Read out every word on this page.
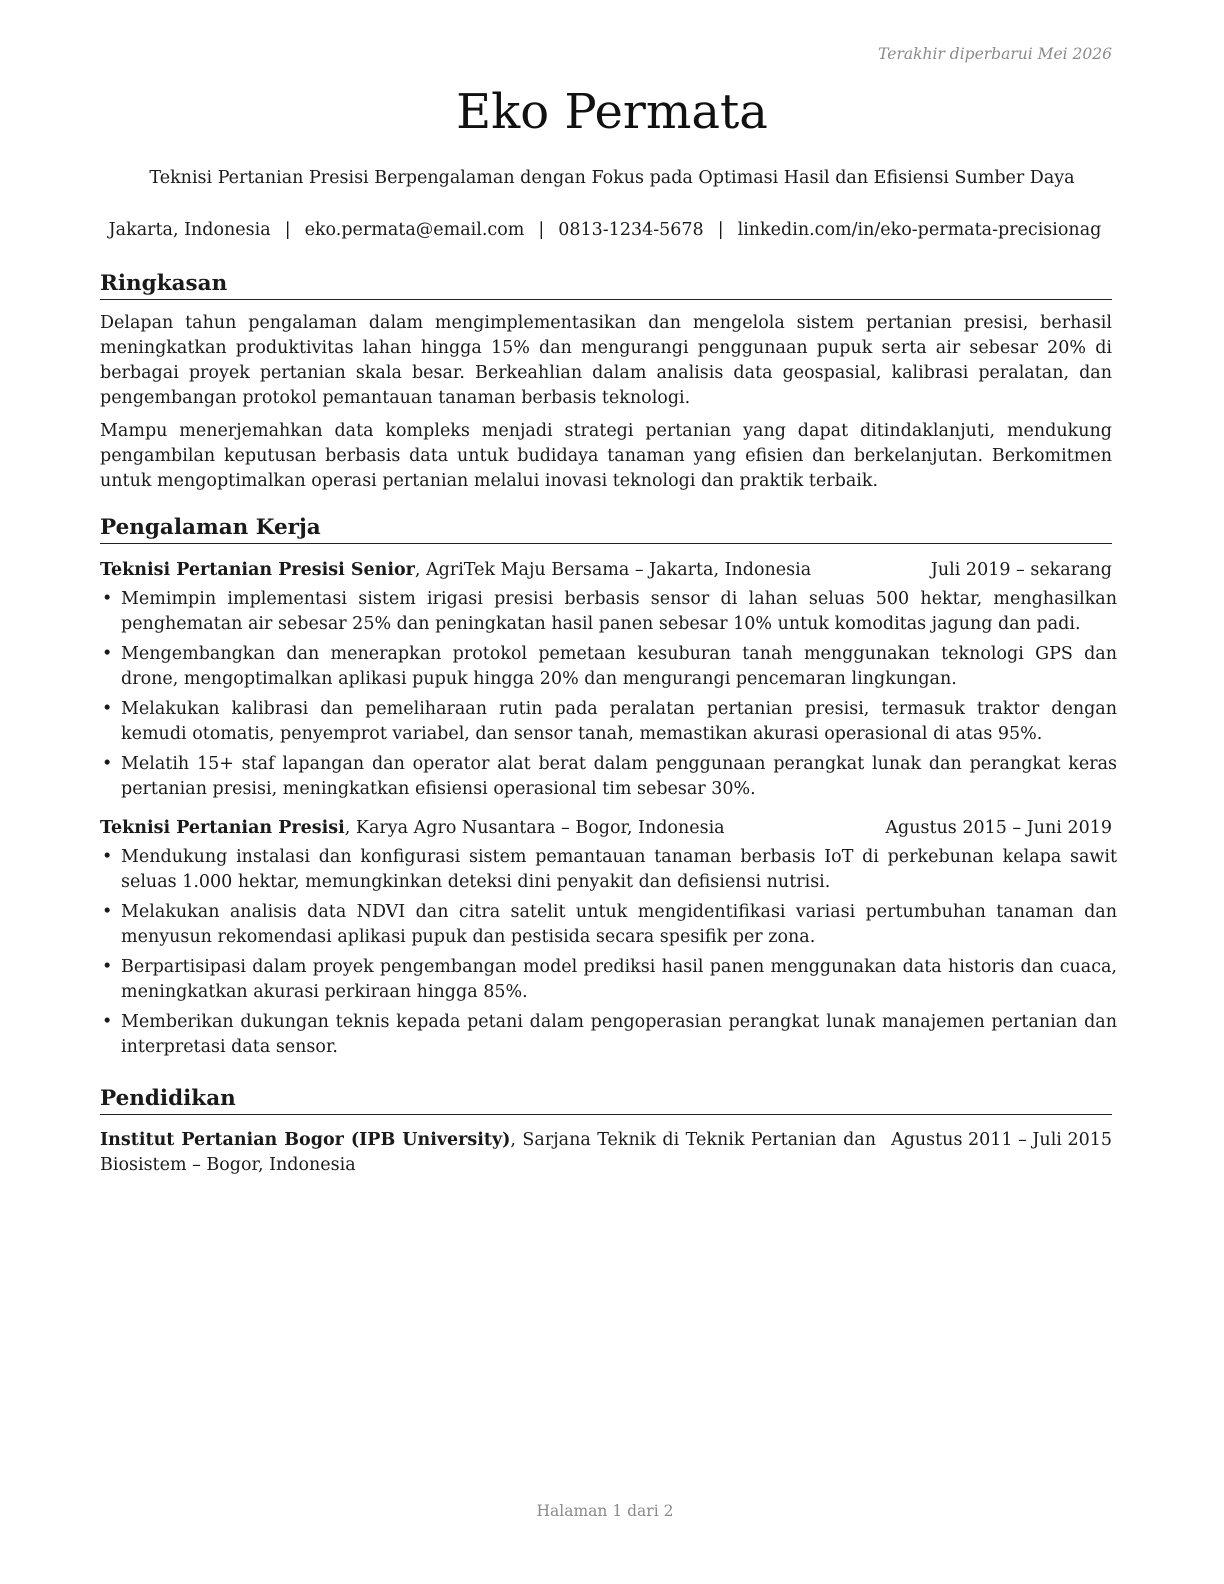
Terakhir diperbarui Mei 2026
Eko Permata
Teknisi Pertanian Presisi Berpengalaman dengan Fokus pada Optimasi Hasil dan Efisiensi Sumber Daya
Jakarta, Indonesia | eko.permata@email.com | 0813-1234-5678 | linkedin.com/in/eko-permata-precisionag
Ringkasan

Delapan tahun pengalaman dalam mengimplementasikan dan mengelola sistem pertanian presisi, berhasil meningkatkan produktivitas lahan hingga 15% dan mengurangi penggunaan pupuk serta air sebesar 20% di berbagai proyek pertanian skala besar. Berkeahlian dalam analisis data geospasial, kalibrasi peralatan, dan pengembangan protokol pemantauan tanaman berbasis teknologi.

Mampu menerjemahkan data kompleks menjadi strategi pertanian yang dapat ditindaklanjuti, mendukung pengambilan keputusan berbasis data untuk budidaya tanaman yang efisien dan berkelanjutan. Berkomitmen untuk mengoptimalkan operasi pertanian melalui inovasi teknologi dan praktik terbaik.

Pengalaman Kerja
Teknisi Pertanian Presisi Senior, AgriTek Maju Bersama – Jakarta, Indonesia	Juli 2019 – sekarang
• Memimpin implementasi sistem irigasi presisi berbasis sensor di lahan seluas 500 hektar, menghasilkan penghematan air sebesar 25% dan peningkatan hasil panen sebesar 10% untuk komoditas jagung dan padi.
• Mengembangkan dan menerapkan protokol pemetaan kesuburan tanah menggunakan teknologi GPS dan drone, mengoptimalkan aplikasi pupuk hingga 20% dan mengurangi pencemaran lingkungan.
• Melakukan kalibrasi dan pemeliharaan rutin pada peralatan pertanian presisi, termasuk traktor dengan kemudi otomatis, penyemprot variabel, dan sensor tanah, memastikan akurasi operasional di atas 95%.
• Melatih 15+ staf lapangan dan operator alat berat dalam penggunaan perangkat lunak dan perangkat keras pertanian presisi, meningkatkan efisiensi operasional tim sebesar 30%.
Teknisi Pertanian Presisi, Karya Agro Nusantara – Bogor, Indonesia	Agustus 2015 – Juni 2019
• Mendukung instalasi dan konfigurasi sistem pemantauan tanaman berbasis IoT di perkebunan kelapa sawit seluas 1.000 hektar, memungkinkan deteksi dini penyakit dan defisiensi nutrisi.
• Melakukan analisis data NDVI dan citra satelit untuk mengidentifikasi variasi pertumbuhan tanaman dan menyusun rekomendasi aplikasi pupuk dan pestisida secara spesifik per zona.
• Berpartisipasi dalam proyek pengembangan model prediksi hasil panen menggunakan data historis dan cuaca, meningkatkan akurasi perkiraan hingga 85%.
• Memberikan dukungan teknis kepada petani dalam pengoperasian perangkat lunak manajemen pertanian dan interpretasi data sensor.
Pendidikan
Institut Pertanian Bogor (IPB University), Sarjana Teknik di Teknik Pertanian dan Biosistem – Bogor, Indonesia
Agustus 2011 – Juli 2015
Halaman 1 dari 2
